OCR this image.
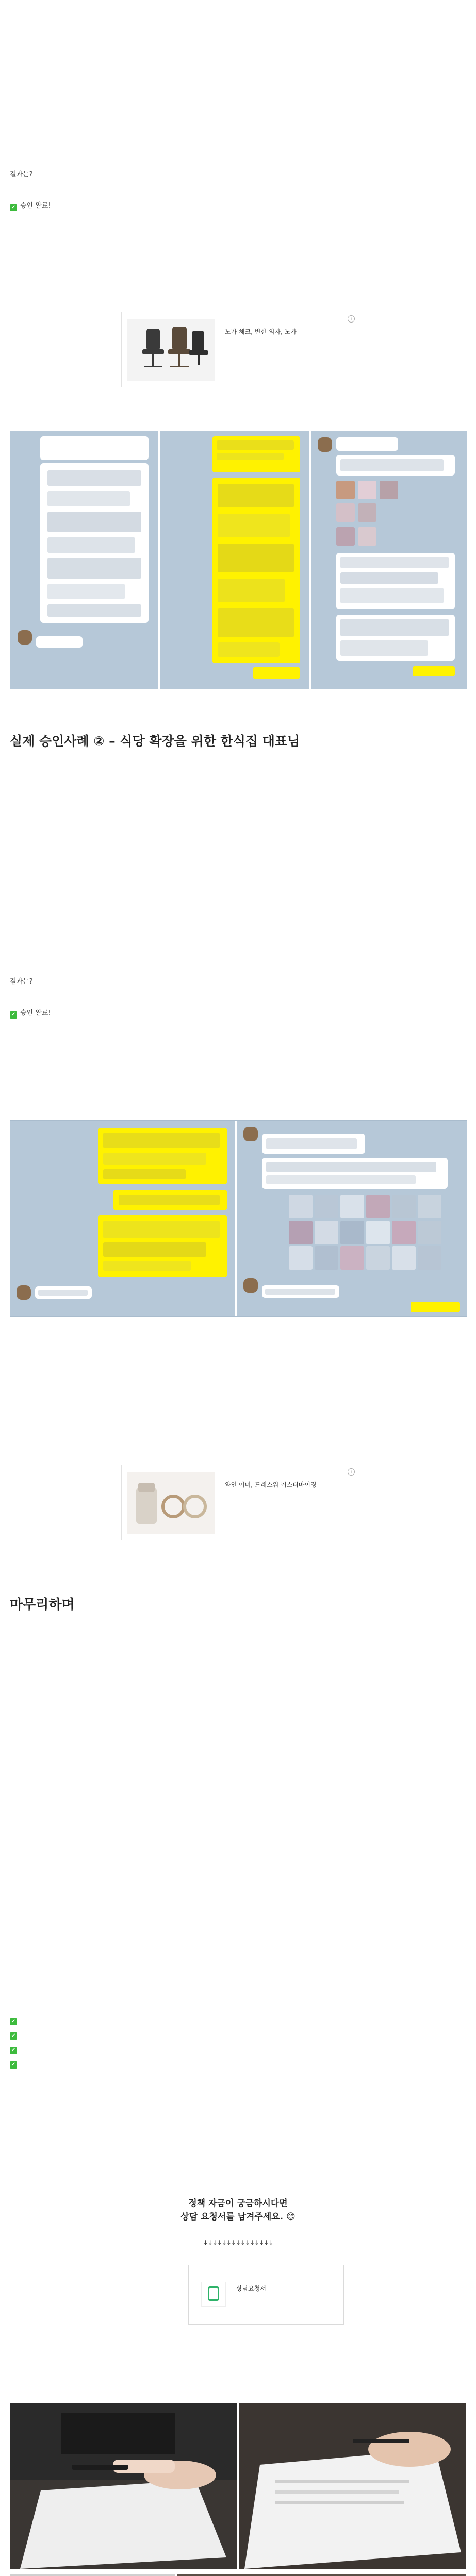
결과는?

✔ 승인 완료!

노가 체크, 변한 의자, 노가
i
실제 승인사례 ② – 식당 확장을 위한 한식집 대표님

결과는?

✔ 승인 완료!

와인 이미, 드레스워 커스터마이징
i
마무리하며

✔
✔
✔
✔

정책 자금이 궁금하시다면
상담 요청서를 남겨주세요. 😊
↓↓↓↓↓↓↓↓↓↓↓↓↓↓↓
상담요청서
